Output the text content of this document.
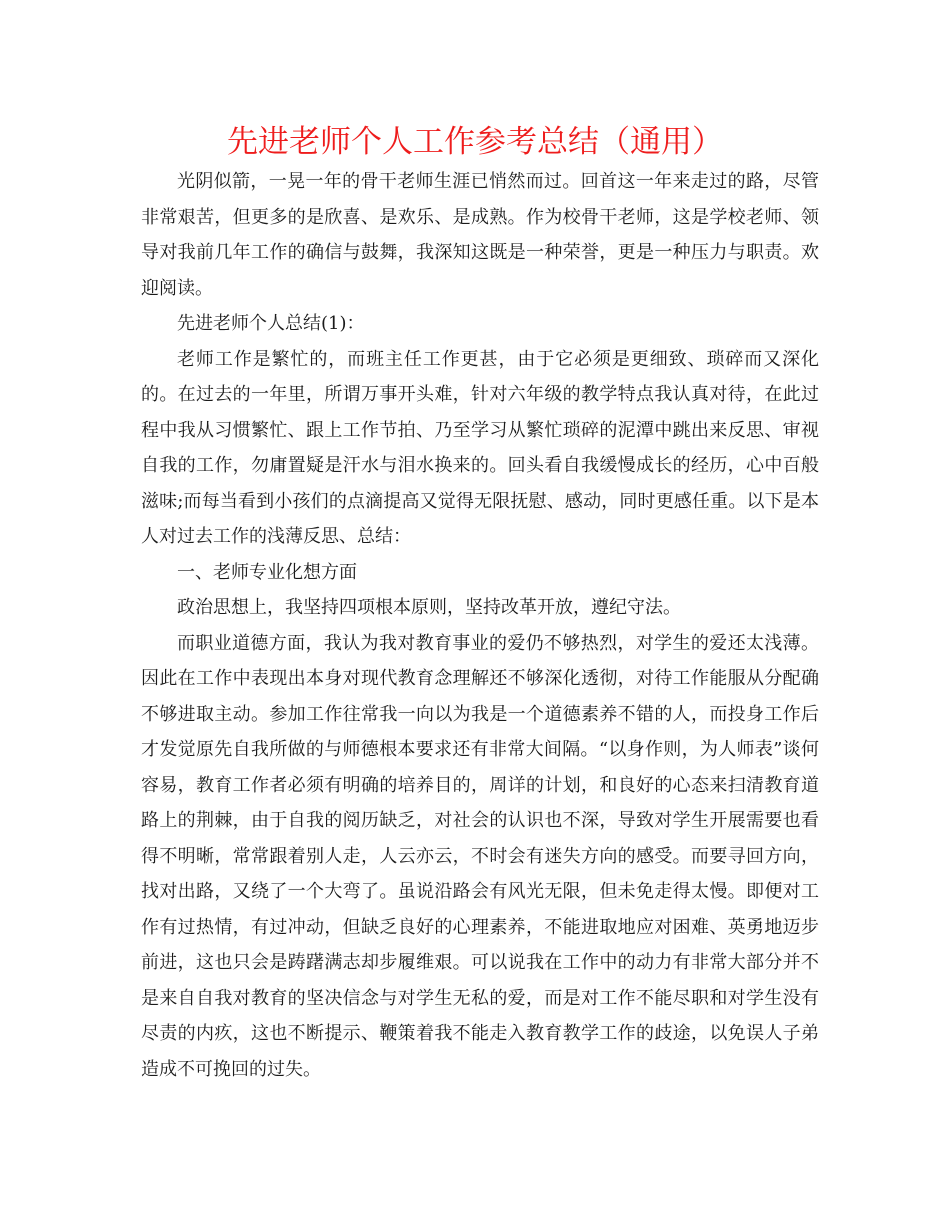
先进老师个人工作参考总结（通用）

光阴似箭，一晃一年的骨干老师生涯已悄然而过。回首这一年来走过的路，尽管非常艰苦，但更多的是欣喜、是欢乐、是成熟。作为校骨干老师，这是学校老师、领导对我前几年工作的确信与鼓舞，我深知这既是一种荣誉，更是一种压力与职责。欢迎阅读。

先进老师个人总结(1)：

老师工作是繁忙的，而班主任工作更甚，由于它必须是更细致、琐碎而又深化的。在过去的一年里，所谓万事开头难，针对六年级的教学特点我认真对待，在此过程中我从习惯繁忙、跟上工作节拍、乃至学习从繁忙琐碎的泥潭中跳出来反思、审视自我的工作，勿庸置疑是汗水与泪水换来的。回头看自我缓慢成长的经历，心中百般滋味;而每当看到小孩们的点滴提高又觉得无限抚慰、感动，同时更感任重。以下是本人对过去工作的浅薄反思、总结：

一、老师专业化想方面

政治思想上，我坚持四项根本原则，坚持改革开放，遵纪守法。

而职业道德方面，我认为我对教育事业的爱仍不够热烈，对学生的爱还太浅薄。因此在工作中表现出本身对现代教育念理解还不够深化透彻，对待工作能服从分配确不够进取主动。参加工作往常我一向以为我是一个道德素养不错的人，而投身工作后才发觉原先自我所做的与师德根本要求还有非常大间隔。“以身作则，为人师表”谈何容易，教育工作者必须有明确的培养目的，周详的计划，和良好的心态来扫清教育道路上的荆棘，由于自我的阅历缺乏，对社会的认识也不深，导致对学生开展需要也看得不明晰，常常跟着别人走，人云亦云，不时会有迷失方向的感受。而要寻回方向，找对出路，又绕了一个大弯了。虽说沿路会有风光无限，但未免走得太慢。即便对工作有过热情，有过冲动，但缺乏良好的心理素养，不能进取地应对困难、英勇地迈步前进，这也只会是踌躇满志却步履维艰。可以说我在工作中的动力有非常大部分并不是来自自我对教育的坚决信念与对学生无私的爱，而是对工作不能尽职和对学生没有尽责的内疚，这也不断提示、鞭策着我不能走入教育教学工作的歧途，以免误人子弟造成不可挽回的过失。
